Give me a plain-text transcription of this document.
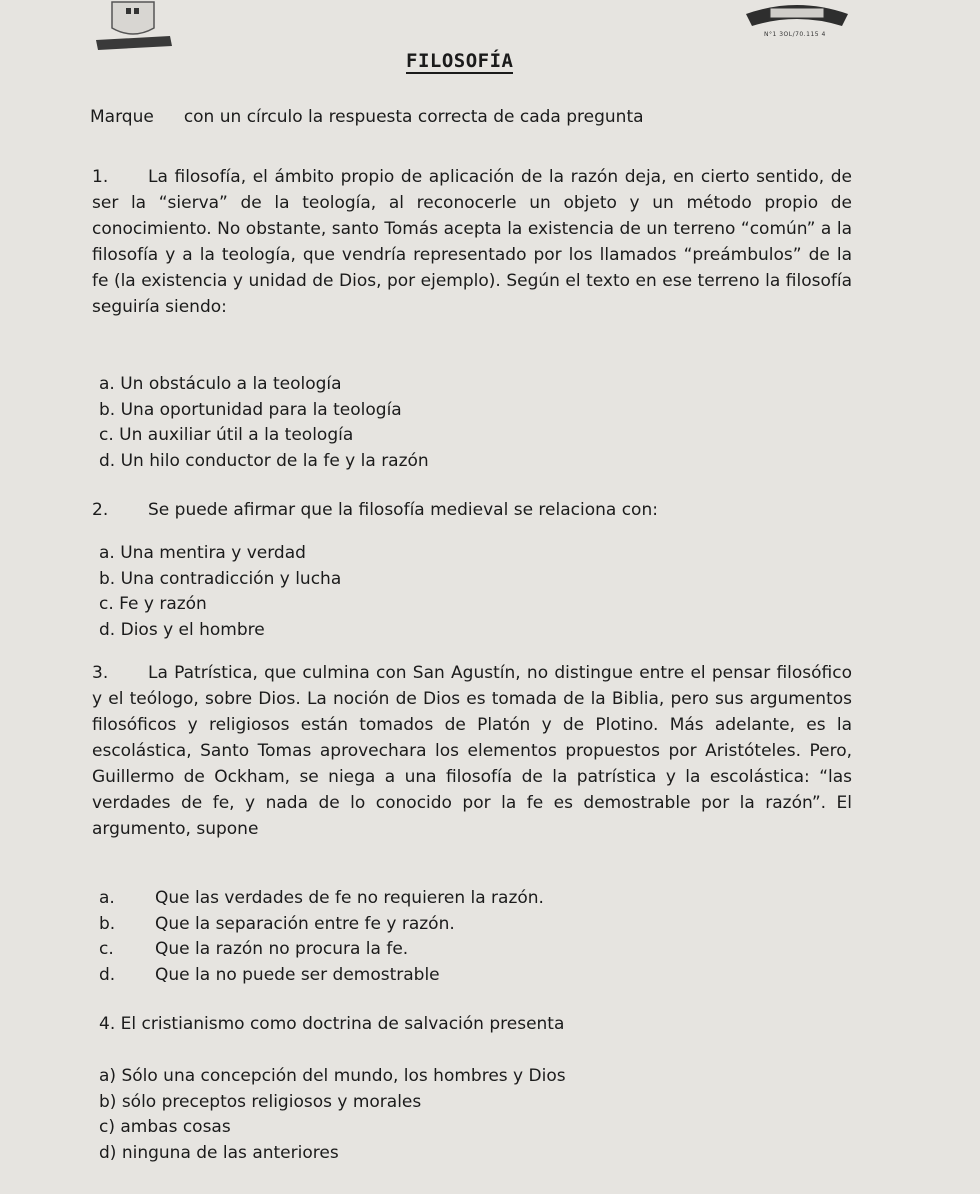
N°1 3OL/70.115 4
FILOSOFÍA
Marque con un círculo la respuesta correcta de cada pregunta
1. La filosofía, el ámbito propio de aplicación de la razón deja, en cierto sentido, de ser la “sierva” de la teología, al reconocerle un objeto y un método propio de conocimiento. No obstante, santo Tomás acepta la existencia de un terreno “común” a la filosofía y a la teología, que vendría representado por los llamados “preámbulos” de la fe (la existencia y unidad de Dios, por ejemplo). Según el texto en ese terreno la filosofía seguiría siendo:
a. Un obstáculo a la teología
b. Una oportunidad para la teología
c. Un auxiliar útil a la teología
d. Un hilo conductor de la fe y la razón
2. Se puede afirmar que la filosofía medieval se relaciona con:
a. Una mentira y verdad
b. Una contradicción y lucha
c. Fe y razón
d. Dios y el hombre
3. La Patrística, que culmina con San Agustín, no distingue entre el pensar filosófico y el teólogo, sobre Dios. La noción de Dios es tomada de la Biblia, pero sus argumentos filosóficos y religiosos están tomados de Platón y de Plotino. Más adelante, es la escolástica, Santo Tomas aprovechara los elementos propuestos por Aristóteles. Pero, Guillermo de Ockham, se niega a una filosofía de la patrística y la escolástica: “las verdades de fe, y nada de lo conocido por la fe es demostrable por la razón”. El argumento, supone
a. Que las verdades de fe no requieren la razón.
b. Que la separación entre fe y razón.
c. Que la razón no procura la fe.
d. Que la no puede ser demostrable
4. El cristianismo como doctrina de salvación presenta
a) Sólo una concepción del mundo, los hombres y Dios
b) sólo preceptos religiosos y morales
c) ambas cosas
d) ninguna de las anteriores
